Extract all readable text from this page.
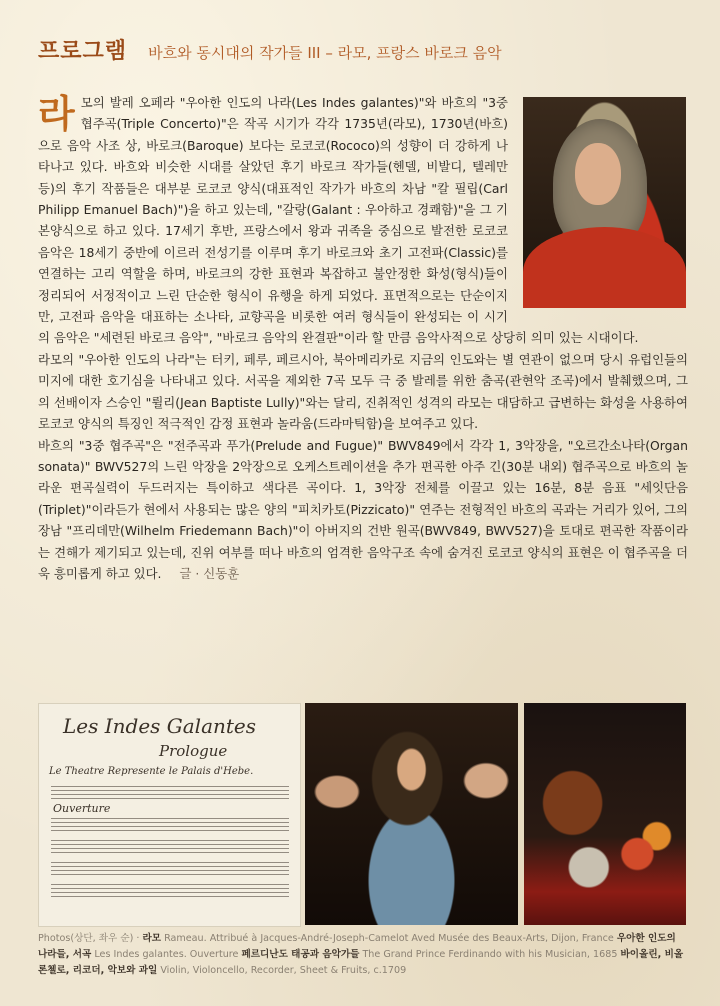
프로그램 바흐와 동시대의 작가들 III – 라모, 프랑스 바로크 음악

라모의 발레 오페라 "우아한 인도의 나라(Les Indes galantes)"와 바흐의 "3중 협주곡(Triple Concerto)"은 작곡 시기가 각각 1735년(라모), 1730년(바흐)으로 음악 사조 상, 바로크(Baroque) 보다는 로코코(Rococo)의 성향이 더 강하게 나타나고 있다. 바흐와 비슷한 시대를 살았던 후기 바로크 작가들(헨델, 비발디, 텔레만 등)의 후기 작품들은 대부분 로코코 양식(대표적인 작가가 바흐의 차남 "칼 필립(Carl Philipp Emanuel Bach)")을 하고 있는데, "갈랑(Galant : 우아하고 경쾌함)"을 그 기본양식으로 하고 있다. 17세기 후반, 프랑스에서 왕과 귀족을 중심으로 발전한 로코코 음악은 18세기 중반에 이르러 전성기를 이루며 후기 바로크와 초기 고전파(Classic)를 연결하는 고리 역할을 하며, 바로크의 강한 표현과 복잡하고 불안정한 화성(형식)들이 정리되어 서정적이고 느린 단순한 형식이 유행을 하게 되었다. 표면적으로는 단순이지만, 고전파 음악을 대표하는 소나타, 교향곡을 비롯한 여러 형식들이 완성되는 이 시기의 음악은 "세련된 바로크 음악", "바로크 음악의 완결판"이라 할 만큼 음악사적으로 상당히 의미 있는 시대이다.

라모의 "우아한 인도의 나라"는 터키, 페루, 페르시아, 북아메리카로 지금의 인도와는 별 연관이 없으며 당시 유럽인들의 미지에 대한 호기심을 나타내고 있다. 서곡을 제외한 7곡 모두 극 중 발레를 위한 춤곡(관현악 조곡)에서 발췌했으며, 그의 선배이자 스승인 "륄리(Jean Baptiste Lully)"와는 달리, 진취적인 성격의 라모는 대담하고 급변하는 화성을 사용하여 로코코 양식의 특징인 적극적인 감정 표현과 놀라움(드라마틱함)을 보여주고 있다.

바흐의 "3중 협주곡"은 "전주곡과 푸가(Prelude and Fugue)" BWV849에서 각각 1, 3악장을, "오르간소나타(Organ sonata)" BWV527의 느린 악장을 2악장으로 오케스트레이션을 추가 편곡한 아주 긴(30분 내외) 협주곡으로 바흐의 놀라운 편곡실력이 두드러지는 특이하고 색다른 곡이다. 1, 3악장 전체를 이끌고 있는 16분, 8분 음표 "세잇단음(Triplet)"이라든가 현에서 사용되는 많은 양의 "피치카토(Pizzicato)" 연주는 전형적인 바흐의 곡과는 거리가 있어, 그의 장남 "프리데만(Wilhelm Friedemann Bach)"이 아버지의 건반 원곡(BWV849, BWV527)을 토대로 편곡한 작품이라는 견해가 제기되고 있는데, 진위 여부를 떠나 바흐의 엄격한 음악구조 속에 숨겨진 로코코 양식의 표현은 이 협주곡을 더욱 흥미롭게 하고 있다. 글 · 신동훈

Les Indes Galantes
Prologue
Le Theatre Represente le Palais d'Hebe.
Ouverture
Photos(상단, 좌우 순) · 라모 Rameau. Attribué à Jacques-André-Joseph-Camelot Aved Musée des Beaux-Arts, Dijon, France 우아한 인도의 나라들, 서곡 Les Indes galantes. Ouverture 페르디난도 태공과 음악가들 The Grand Prince Ferdinando with his Musician, 1685 바이올린, 비올론첼로, 리코더, 악보와 과일 Violin, Violoncello, Recorder, Sheet & Fruits, c.1709
